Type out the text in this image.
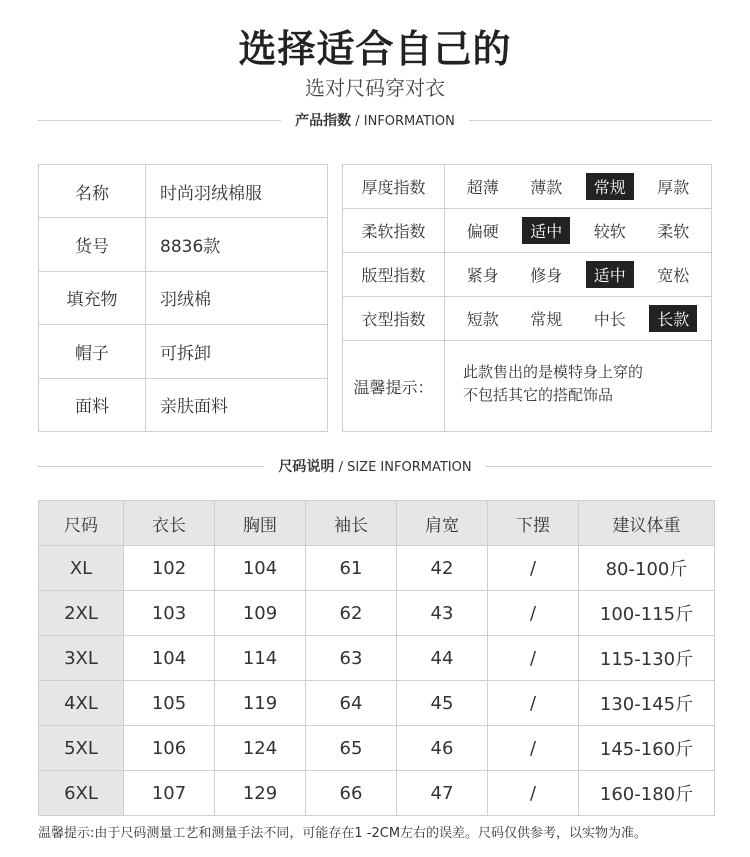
选择适合自己的
选对尺码穿对衣
产品指数 / INFORMATION
名称	时尚羽绒棉服
货号	8836款
填充物	羽绒棉
帽子	可拆卸
面料	亲肤面料
厚度指数	超薄	薄款	常规	厚款
柔软指数	偏硬	适中	较软	柔软
版型指数	紧身	修身	适中	宽松
衣型指数	短款	常规	中长	长款
温馨提示：
此款售出的是模特身上穿的
不包括其它的搭配饰品
尺码说明 / SIZE INFORMATION
尺码	衣长	胸围	袖长	肩宽	下摆	建议体重
XL	102	104	61	42	/	80-100斤
2XL	103	109	62	43	/	100-115斤
3XL	104	114	63	44	/	115-130斤
4XL	105	119	64	45	/	130-145斤
5XL	106	124	65	46	/	145-160斤
6XL	107	129	66	47	/	160-180斤
温馨提示:由于尺码测量工艺和测量手法不同，可能存在1 -2CM左右的误差。尺码仅供参考，以实物为准。
